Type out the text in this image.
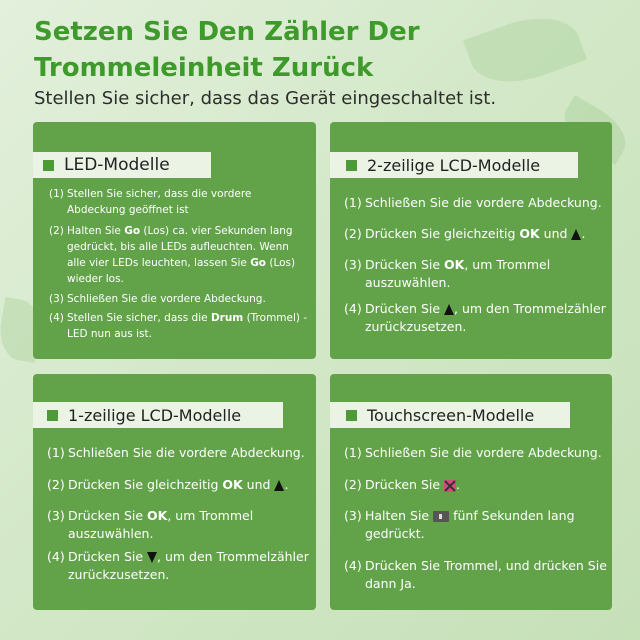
Setzen Sie Den Zähler Der Trommeleinheit Zurück

Stellen Sie sicher, dass das Gerät eingeschaltet ist.

LED-Modelle
(1) Stellen Sie sicher, dass die vordere Abdeckung geöffnet ist
(2) Halten Sie Go (Los) ca. vier Sekunden lang gedrückt, bis alle LEDs aufleuchten. Wenn alle vier LEDs leuchten, lassen Sie Go (Los) wieder los.
(3) Schließen Sie die vordere Abdeckung.
(4) Stellen Sie sicher, dass die Drum (Trommel) -LED nun aus ist.
2-zeilige LCD-Modelle
(1) Schließen Sie die vordere Abdeckung.
(2) Drücken Sie gleichzeitig OK und .
(3) Drücken Sie OK, um Trommel auszuwählen.
(4) Drücken Sie , um den Trommelzähler zurückzusetzen.
1-zeilige LCD-Modelle
(1) Schließen Sie die vordere Abdeckung.
(2) Drücken Sie gleichzeitig OK und .
(3) Drücken Sie OK, um Trommel auszuwählen.
(4) Drücken Sie , um den Trommelzähler zurückzusetzen.
Touchscreen-Modelle
(1) Schließen Sie die vordere Abdeckung.
(2) Drücken Sie .
(3) Halten Sie  fünf Sekunden lang gedrückt.
(4) Drücken Sie Trommel, und drücken Sie dann Ja.
